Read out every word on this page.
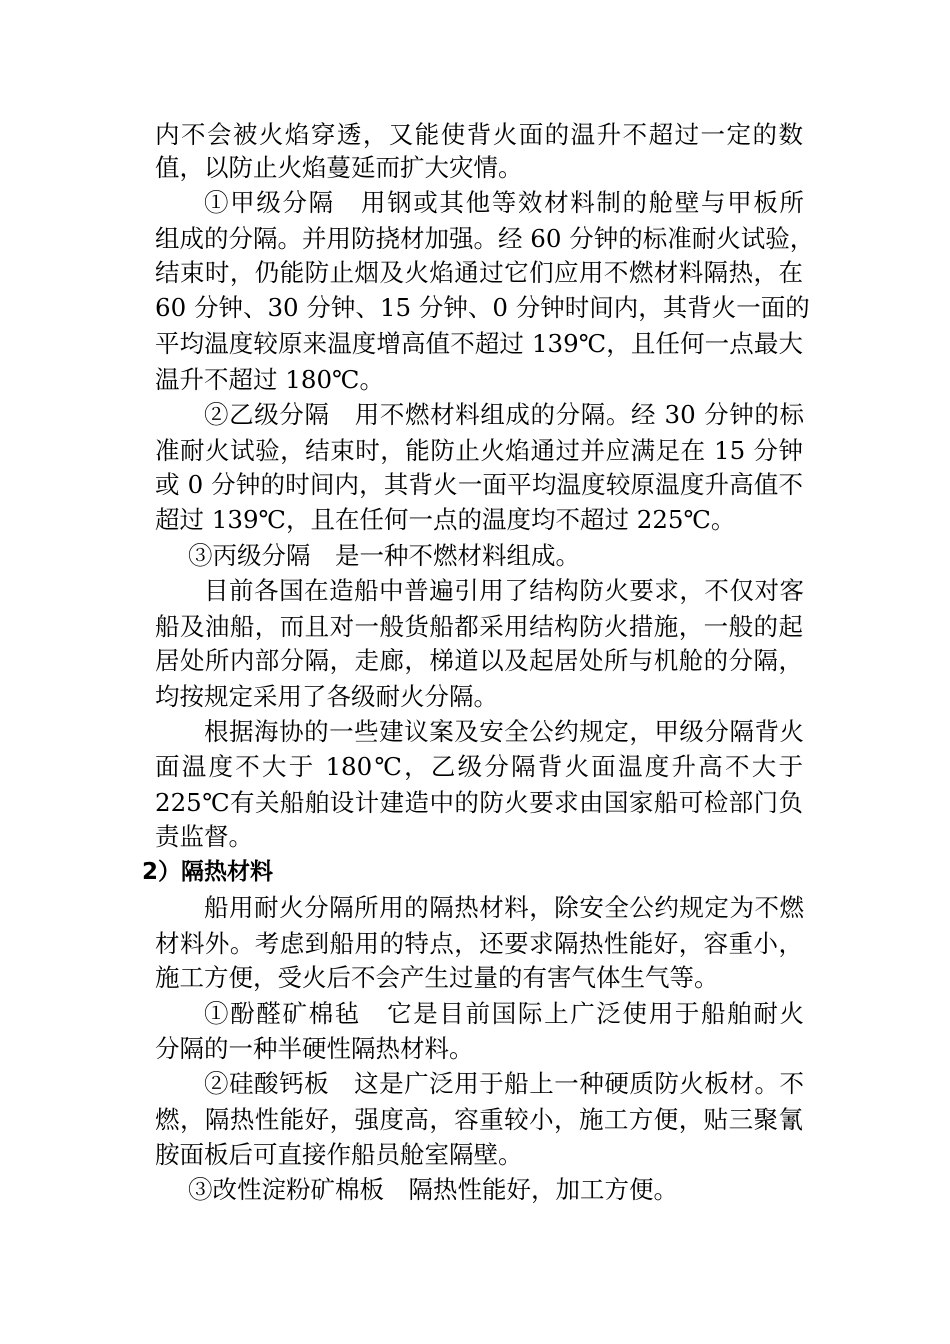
内不会被火焰穿透，又能使背火面的温升不超过一定的数

值，以防止火焰蔓延而扩大灾情。

①甲级分隔　用钢或其他等效材料制的舱壁与甲板所

组成的分隔。并用防挠材加强。经 60 分钟的标准耐火试验，

结束时，仍能防止烟及火焰通过它们应用不燃材料隔热，在

60 分钟、30 分钟、15 分钟、0 分钟时间内，其背火一面的

平均温度较原来温度增高值不超过 139℃，且任何一点最大

温升不超过 180℃。

②乙级分隔　用不燃材料组成的分隔。经 30 分钟的标

准耐火试验，结束时，能防止火焰通过并应满足在 15 分钟

或 0 分钟的时间内，其背火一面平均温度较原温度升高值不

超过 139℃，且在任何一点的温度均不超过 225℃。

③丙级分隔　是一种不燃材料组成。

目前各国在造船中普遍引用了结构防火要求，不仅对客

船及油船，而且对一般货船都采用结构防火措施，一般的起

居处所内部分隔，走廊，梯道以及起居处所与机舱的分隔，

均按规定采用了各级耐火分隔。

根据海协的一些建议案及安全公约规定，甲级分隔背火

面温度不大于 180℃，乙级分隔背火面温度升高不大于

225℃有关船舶设计建造中的防火要求由国家船可检部门负

责监督。

2）隔热材料

船用耐火分隔所用的隔热材料，除安全公约规定为不燃

材料外。考虑到船用的特点，还要求隔热性能好，容重小，

施工方便，受火后不会产生过量的有害气体生气等。

①酚醛矿棉毡　它是目前国际上广泛使用于船舶耐火

分隔的一种半硬性隔热材料。

②硅酸钙板　这是广泛用于船上一种硬质防火板材。不

燃，隔热性能好，强度高，容重较小，施工方便，贴三聚氰

胺面板后可直接作船员舱室隔壁。

③改性淀粉矿棉板　隔热性能好，加工方便。
